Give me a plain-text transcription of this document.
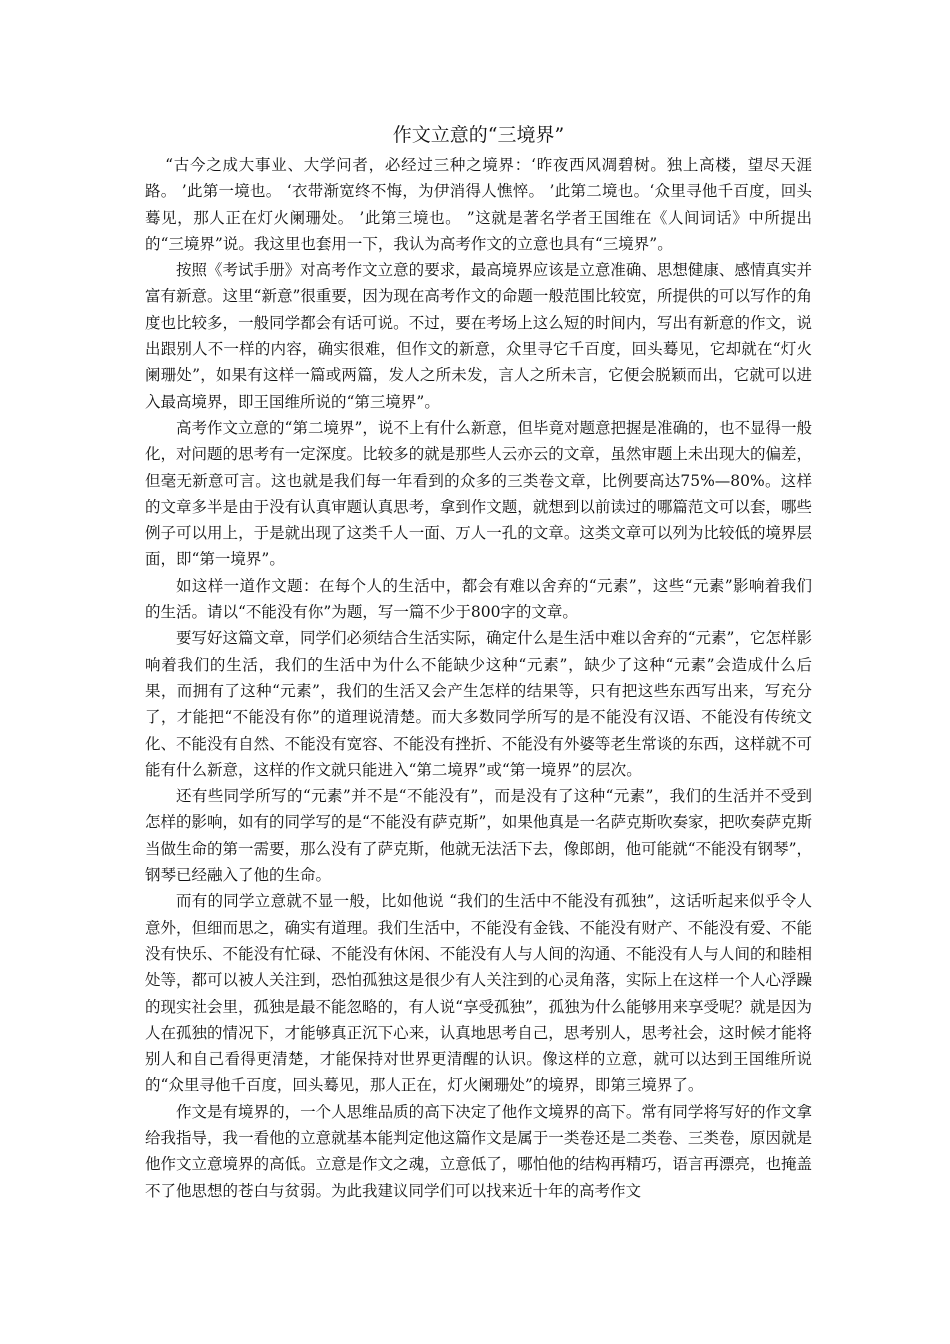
作文立意的“三境界”

“古今之成大事业、大学问者，必经过三种之境界：‘昨夜西风凋碧树。独上高楼，望尽天涯路。 ’此第一境也。 ‘衣带渐宽终不悔，为伊消得人憔悴。 ’此第二境也。‘众里寻他千百度，回头蓦见，那人正在灯火阑珊处。 ’此第三境也。 ”这就是著名学者王国维在《人间词话》中所提出的“三境界”说。我这里也套用一下，我认为高考作文的立意也具有“三境界”。

按照《考试手册》对高考作文立意的要求，最高境界应该是立意准确、思想健康、感情真实并富有新意。这里“新意”很重要，因为现在高考作文的命题一般范围比较宽，所提供的可以写作的角度也比较多，一般同学都会有话可说。不过，要在考场上这么短的时间内，写出有新意的作文，说出跟别人不一样的内容，确实很难，但作文的新意，众里寻它千百度，回头蓦见，它却就在“灯火阑珊处”，如果有这样一篇或两篇，发人之所未发，言人之所未言，它便会脱颖而出，它就可以进入最高境界，即王国维所说的“第三境界”。

高考作文立意的“第二境界”，说不上有什么新意，但毕竟对题意把握是准确的，也不显得一般化，对问题的思考有一定深度。比较多的就是那些人云亦云的文章，虽然审题上未出现大的偏差，但毫无新意可言。这也就是我们每一年看到的众多的三类卷文章，比例要高达75%—80%。这样的文章多半是由于没有认真审题认真思考，拿到作文题，就想到以前读过的哪篇范文可以套，哪些例子可以用上，于是就出现了这类千人一面、万人一孔的文章。这类文章可以列为比较低的境界层面，即“第一境界”。

如这样一道作文题：在每个人的生活中，都会有难以舍弃的“元素”，这些“元素”影响着我们的生活。请以“不能没有你”为题，写一篇不少于800字的文章。

要写好这篇文章，同学们必须结合生活实际，确定什么是生活中难以舍弃的“元素”，它怎样影响着我们的生活，我们的生活中为什么不能缺少这种“元素”，缺少了这种“元素”会造成什么后果，而拥有了这种“元素”，我们的生活又会产生怎样的结果等，只有把这些东西写出来，写充分了，才能把“不能没有你”的道理说清楚。而大多数同学所写的是不能没有汉语、不能没有传统文化、不能没有自然、不能没有宽容、不能没有挫折、不能没有外婆等老生常谈的东西，这样就不可能有什么新意，这样的作文就只能进入“第二境界”或“第一境界”的层次。

还有些同学所写的“元素”并不是“不能没有”，而是没有了这种“元素”，我们的生活并不受到怎样的影响，如有的同学写的是“不能没有萨克斯”，如果他真是一名萨克斯吹奏家，把吹奏萨克斯当做生命的第一需要，那么没有了萨克斯，他就无法活下去，像郎朗，他可能就“不能没有钢琴”，钢琴已经融入了他的生命。

而有的同学立意就不显一般，比如他说 “我们的生活中不能没有孤独”，这话听起来似乎令人意外，但细而思之，确实有道理。我们生活中，不能没有金钱、不能没有财产、不能没有爱、不能没有快乐、不能没有忙碌、不能没有休闲、不能没有人与人间的沟通、不能没有人与人间的和睦相处等，都可以被人关注到，恐怕孤独这是很少有人关注到的心灵角落，实际上在这样一个人心浮躁的现实社会里，孤独是最不能忽略的，有人说“享受孤独”，孤独为什么能够用来享受呢？就是因为人在孤独的情况下，才能够真正沉下心来，认真地思考自己，思考别人，思考社会，这时候才能将别人和自己看得更清楚，才能保持对世界更清醒的认识。像这样的立意，就可以达到王国维所说的“众里寻他千百度，回头蓦见，那人正在，灯火阑珊处”的境界，即第三境界了。

作文是有境界的，一个人思维品质的高下决定了他作文境界的高下。常有同学将写好的作文拿给我指导，我一看他的立意就基本能判定他这篇作文是属于一类卷还是二类卷、三类卷，原因就是他作文立意境界的高低。立意是作文之魂，立意低了，哪怕他的结构再精巧，语言再漂亮，也掩盖不了他思想的苍白与贫弱。为此我建议同学们可以找来近十年的高考作文
